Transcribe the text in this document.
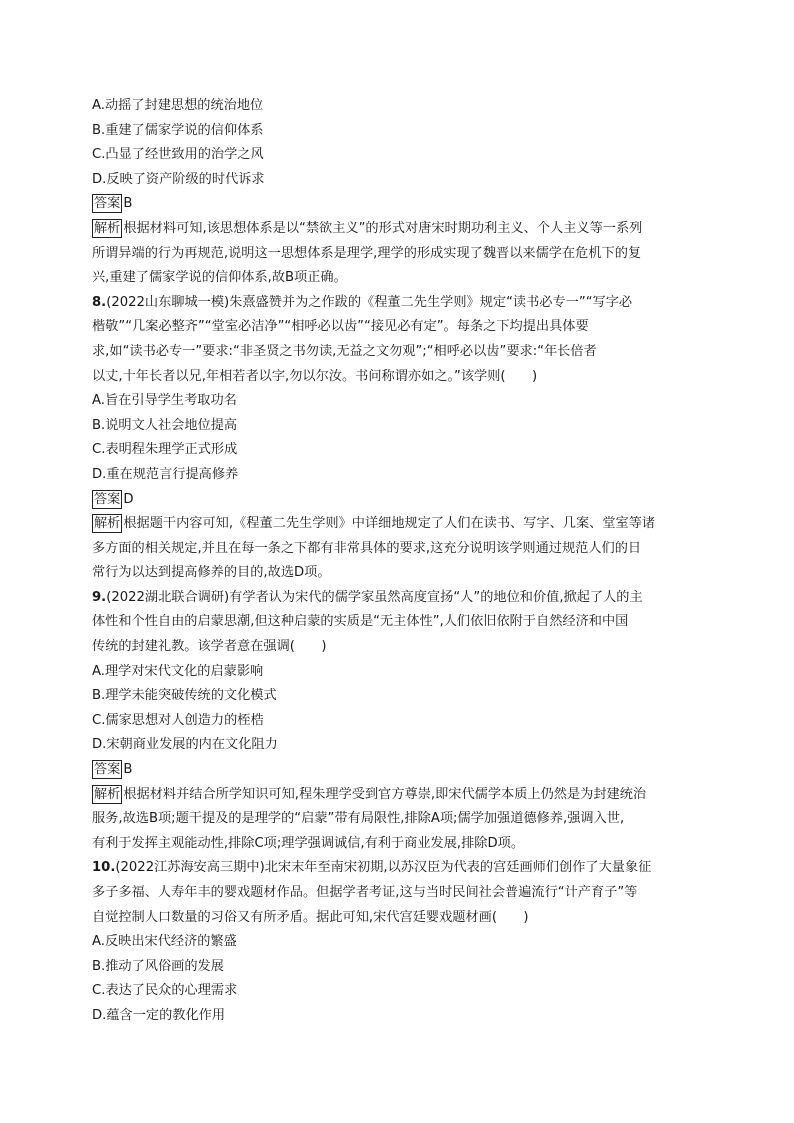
A.动摇了封建思想的统治地位
B.重建了儒家学说的信仰体系
C.凸显了经世致用的治学之风
D.反映了资产阶级的时代诉求
答案 B
解析 根据材料可知,该思想体系是以“禁欲主义”的形式对唐宋时期功利主义、个人主义等一系列
所谓异端的行为再规范,说明这一思想体系是理学,理学的形成实现了魏晋以来儒学在危机下的复
兴,重建了儒家学说的信仰体系,故B项正确。
8.(2022山东聊城一模)朱熹盛赞并为之作跋的《程董二先生学则》规定“读书必专一”“写字必
楷敬”“几案必整齐”“堂室必洁净”“相呼必以齿”“接见必有定”。每条之下均提出具体要
求,如“读书必专一”要求:“非圣贤之书勿读,无益之文勿观”;“相呼必以齿”要求:“年长倍者
以丈,十年长者以兄,年相若者以字,勿以尔汝。书问称谓亦如之。”该学则(　　)
A.旨在引导学生考取功名
B.说明文人社会地位提高
C.表明程朱理学正式形成
D.重在规范言行提高修养
答案 D
解析 根据题干内容可知,《程董二先生学则》中详细地规定了人们在读书、写字、几案、堂室等诸
多方面的相关规定,并且在每一条之下都有非常具体的要求,这充分说明该学则通过规范人们的日
常行为以达到提高修养的目的,故选D项。
9.(2022湖北联合调研)有学者认为宋代的儒学家虽然高度宣扬“人”的地位和价值,掀起了人的主
体性和个性自由的启蒙思潮,但这种启蒙的实质是“无主体性”,人们依旧依附于自然经济和中国
传统的封建礼教。该学者意在强调(　　)
A.理学对宋代文化的启蒙影响
B.理学未能突破传统的文化模式
C.儒家思想对人创造力的桎梏
D.宋朝商业发展的内在文化阻力
答案 B
解析 根据材料并结合所学知识可知,程朱理学受到官方尊崇,即宋代儒学本质上仍然是为封建统治
服务,故选B项;题干提及的是理学的“启蒙”带有局限性,排除A项;儒学加强道德修养,强调入世,
有利于发挥主观能动性,排除C项;理学强调诚信,有利于商业发展,排除D项。
10.(2022江苏海安高三期中)北宋末年至南宋初期,以苏汉臣为代表的宫廷画师们创作了大量象征
多子多福、人寿年丰的婴戏题材作品。但据学者考证,这与当时民间社会普遍流行“计产育子”等
自觉控制人口数量的习俗又有所矛盾。据此可知,宋代宫廷婴戏题材画(　　)
A.反映出宋代经济的繁盛
B.推动了风俗画的发展
C.表达了民众的心理需求
D.蕴含一定的教化作用
